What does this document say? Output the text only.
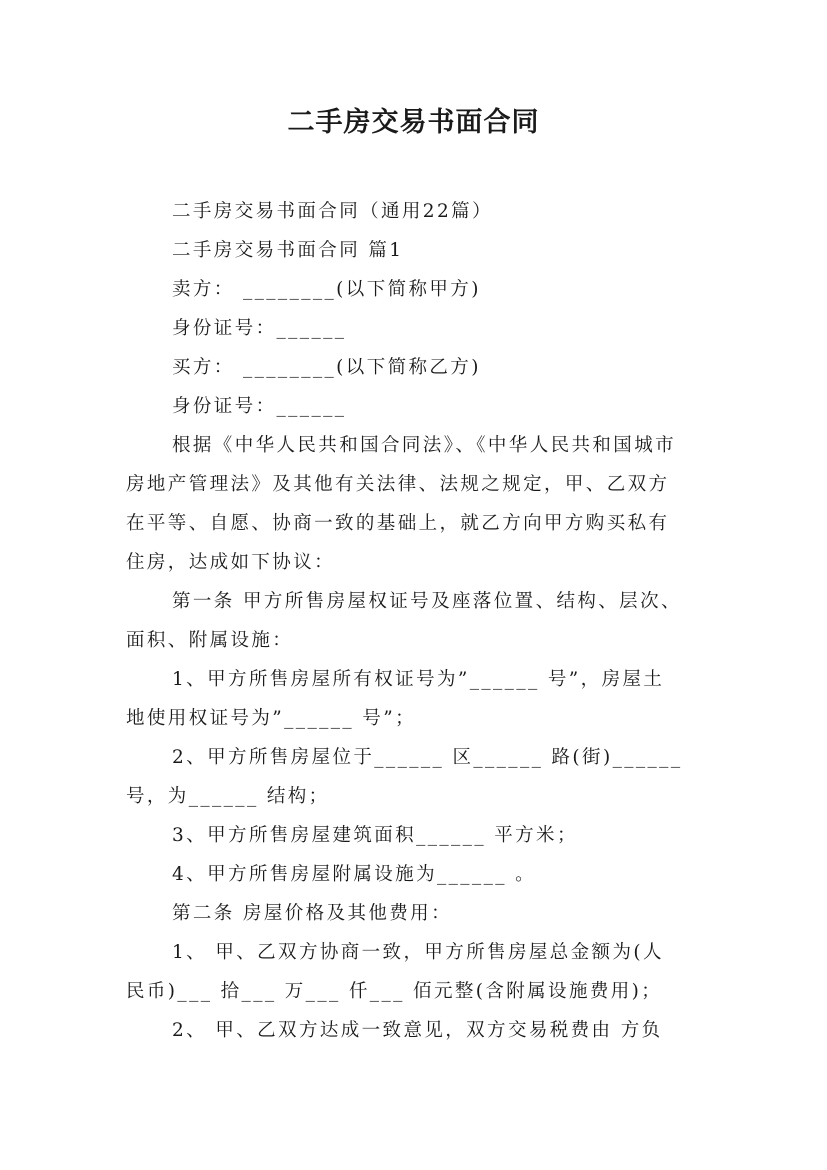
二手房交易书面合同
二手房交易书面合同（通用22篇）
二手房交易书面合同 篇1
卖方： ________(以下简称甲方)
身份证号：______
买方： ________(以下简称乙方)
身份证号：______
根据《中华人民共和国合同法》、《中华人民共和国城市
房地产管理法》及其他有关法律、法规之规定，甲、乙双方
在平等、自愿、协商一致的基础上，就乙方向甲方购买私有
住房，达成如下协议：
第一条 甲方所售房屋权证号及座落位置、结构、层次、
面积、附属设施：
1、甲方所售房屋所有权证号为”______ 号”，房屋土
地使用权证号为”______ 号”；
2、甲方所售房屋位于______ 区______ 路(街)______
号，为______ 结构；
3、甲方所售房屋建筑面积______ 平方米；
4、甲方所售房屋附属设施为______ 。
第二条 房屋价格及其他费用：
1、 甲、乙双方协商一致，甲方所售房屋总金额为(人
民币)___ 拾___ 万___ 仟___ 佰元整(含附属设施费用)；
2、 甲、乙双方达成一致意见，双方交易税费由 方负
